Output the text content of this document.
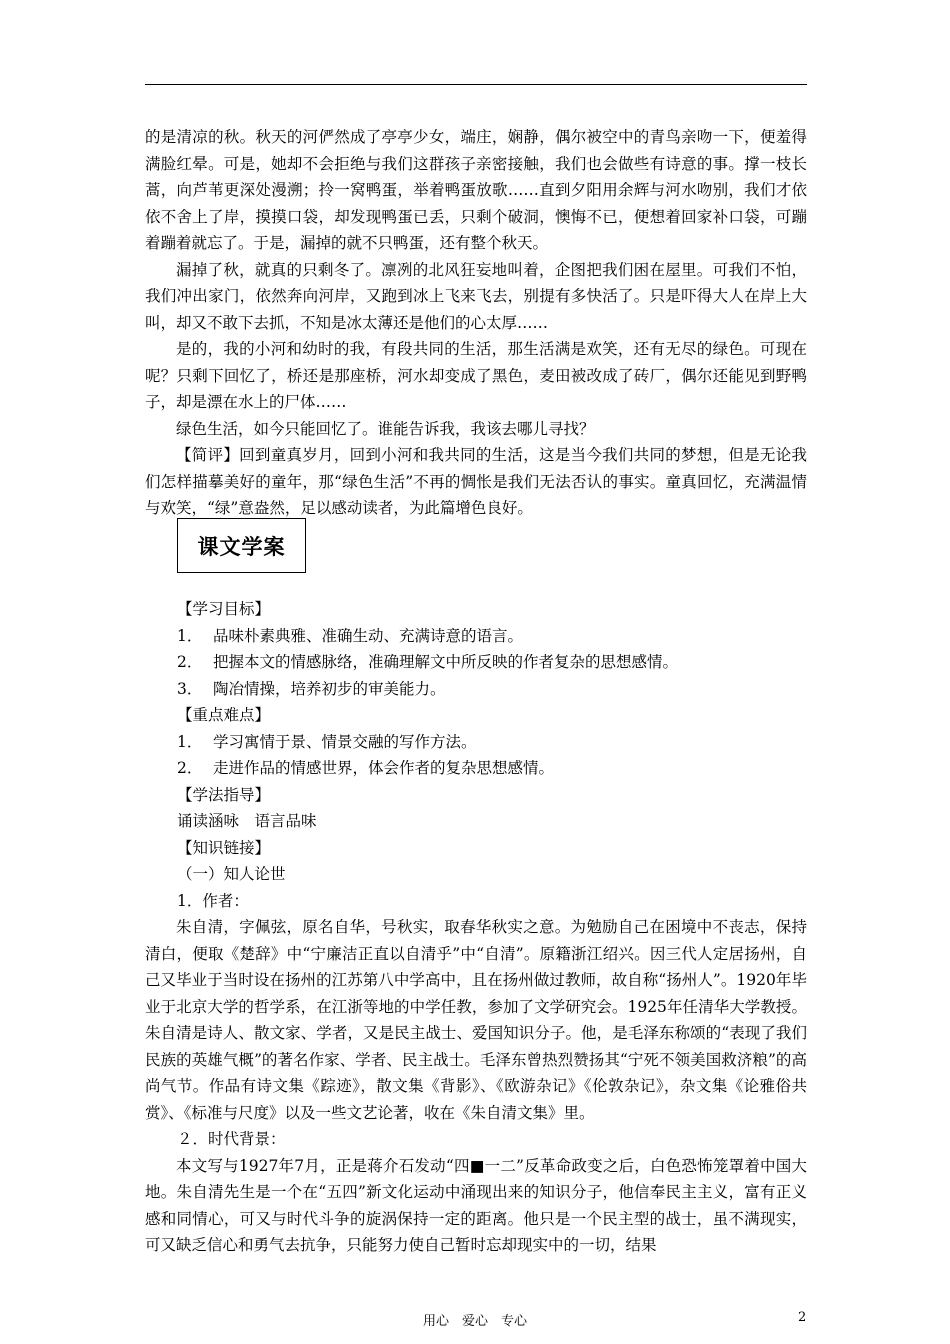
的是清凉的秋。秋天的河俨然成了亭亭少女，端庄，娴静，偶尔被空中的青鸟亲吻一下，便羞得满脸红晕。可是，她却不会拒绝与我们这群孩子亲密接触，我们也会做些有诗意的事。撑一枝长蒿，向芦苇更深处漫溯；拎一窝鸭蛋，举着鸭蛋放歌……直到夕阳用余辉与河水吻别，我们才依依不舍上了岸，摸摸口袋，却发现鸭蛋已丢，只剩个破洞，懊悔不已，便想着回家补口袋，可蹦着蹦着就忘了。于是，漏掉的就不只鸭蛋，还有整个秋天。

漏掉了秋，就真的只剩冬了。凛冽的北风狂妄地叫着，企图把我们困在屋里。可我们不怕，我们冲出家门，依然奔向河岸，又跑到冰上飞来飞去，别提有多快活了。只是吓得大人在岸上大叫，却又不敢下去抓，不知是冰太薄还是他们的心太厚……

是的，我的小河和幼时的我，有段共同的生活，那生活满是欢笑，还有无尽的绿色。可现在呢？只剩下回忆了，桥还是那座桥，河水却变成了黑色，麦田被改成了砖厂，偶尔还能见到野鸭子，却是漂在水上的尸体……

绿色生活，如今只能回忆了。谁能告诉我，我该去哪儿寻找？

【简评】回到童真岁月，回到小河和我共同的生活，这是当今我们共同的梦想，但是无论我们怎样描摹美好的童年，那“绿色生活”不再的惆怅是我们无法否认的事实。童真回忆，充满温情与欢笑，“绿”意盎然，足以感动读者，为此篇增色良好。

课文学案

【学习目标】

1． 品味朴素典雅、准确生动、充满诗意的语言。

2． 把握本文的情感脉络，准确理解文中所反映的作者复杂的思想感情。

3． 陶冶情操，培养初步的审美能力。

【重点难点】

1． 学习寓情于景、情景交融的写作方法。

2． 走进作品的情感世界，体会作者的复杂思想感情。

【学法指导】

诵读涵咏　语言品味

【知识链接】

（一）知人论世

1．作者：

朱自清，字佩弦，原名自华，号秋实，取春华秋实之意。为勉励自己在困境中不丧志，保持清白，便取《楚辞》中“宁廉洁正直以自清乎”中“自清”。原籍浙江绍兴。因三代人定居扬州，自己又毕业于当时设在扬州的江苏第八中学高中，且在扬州做过教师，故自称“扬州人”。1920年毕业于北京大学的哲学系，在江浙等地的中学任教，参加了文学研究会。1925年任清华大学教授。朱自清是诗人、散文家、学者，又是民主战士、爱国知识分子。他，是毛泽东称颂的“表现了我们民族的英雄气概”的著名作家、学者、民主战士。毛泽东曾热烈赞扬其“宁死不领美国救济粮”的高尚气节。作品有诗文集《踪迹》，散文集《背影》、《欧游杂记》《伦敦杂记》，杂文集《论雅俗共赏》、《标准与尺度》以及一些文艺论著，收在《朱自清文集》里。

２．时代背景：

本文写与1927年7月，正是蒋介石发动“四■一二”反革命政变之后，白色恐怖笼罩着中国大地。朱自清先生是一个在“五四”新文化运动中涌现出来的知识分子，他信奉民主主义，富有正义感和同情心，可又与时代斗争的旋涡保持一定的距离。他只是一个民主型的战士，虽不满现实，可又缺乏信心和勇气去抗争，只能努力使自己暂时忘却现实中的一切，结果

用心　爱心　专心	2
